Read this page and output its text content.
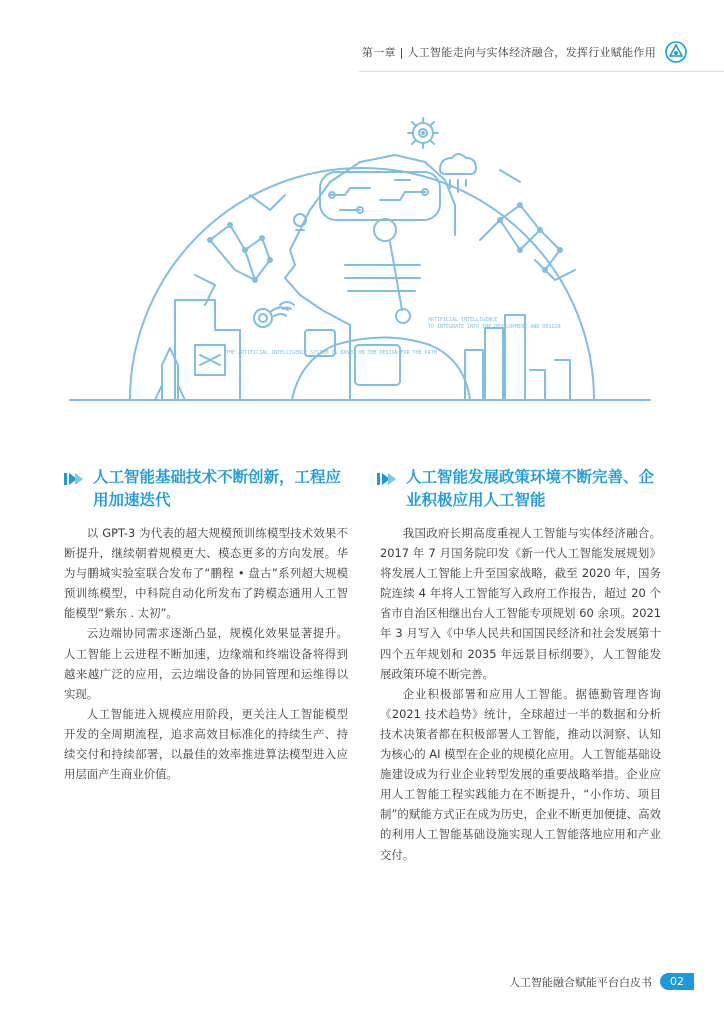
第一章 | 人工智能走向与实体经济融合，发挥行业赋能作用
THE ARTIFICIAL INTELLIGENCE SYSTEM IS BASED ON THE DESIGN FOR THE PATH
TO INTEGRATE INTO THE DEVELOPMENT AND DESIGN
ARTIFICIAL INTELLIGENCE
人工智能基础技术不断创新，工程应用加速迭代
人工智能发展政策环境不断完善、企业积极应用人工智能

以 GPT-3 为代表的超大规模预训练模型技术效果不断提升，继续朝着规模更大、模态更多的方向发展。华为与鹏城实验室联合发布了“鹏程 • 盘古”系列超大规模预训练模型，中科院自动化所发布了跨模态通用人工智能模型“紫东 . 太初”。

云边端协同需求逐渐凸显，规模化效果显著提升。人工智能上云进程不断加速，边缘端和终端设备将得到越来越广泛的应用，云边端设备的协同管理和运维得以实现。

人工智能进入规模应用阶段，更关注人工智能模型开发的全周期流程，追求高效目标准化的持续生产、持续交付和持续部署，以最佳的效率推进算法模型进入应用层面产生商业价值。

我国政府长期高度重视人工智能与实体经济融合。2017 年 7 月国务院印发《新一代人工智能发展规划》将发展人工智能上升至国家战略，截至 2020 年，国务院连续 4 年将人工智能写入政府工作报告，超过 20 个省市自治区相继出台人工智能专项规划 60 余项。2021 年 3 月写入《中华人民共和国国民经济和社会发展第十四个五年规划和 2035 年远景目标纲要》，人工智能发展政策环境不断完善。

企业积极部署和应用人工智能。据德勤管理咨询《2021 技术趋势》统计，全球超过一半的数据和分析技术决策者都在积极部署人工智能，推动以洞察、认知为核心的 AI 模型在企业的规模化应用。人工智能基础设施建设成为行业企业转型发展的重要战略举措。企业应用人工智能工程实践能力在不断提升，“小作坊、项目制”的赋能方式正在成为历史，企业不断更加便捷、高效的利用人工智能基础设施实现人工智能落地应用和产业交付。

人工智能融合赋能平台白皮书	02
